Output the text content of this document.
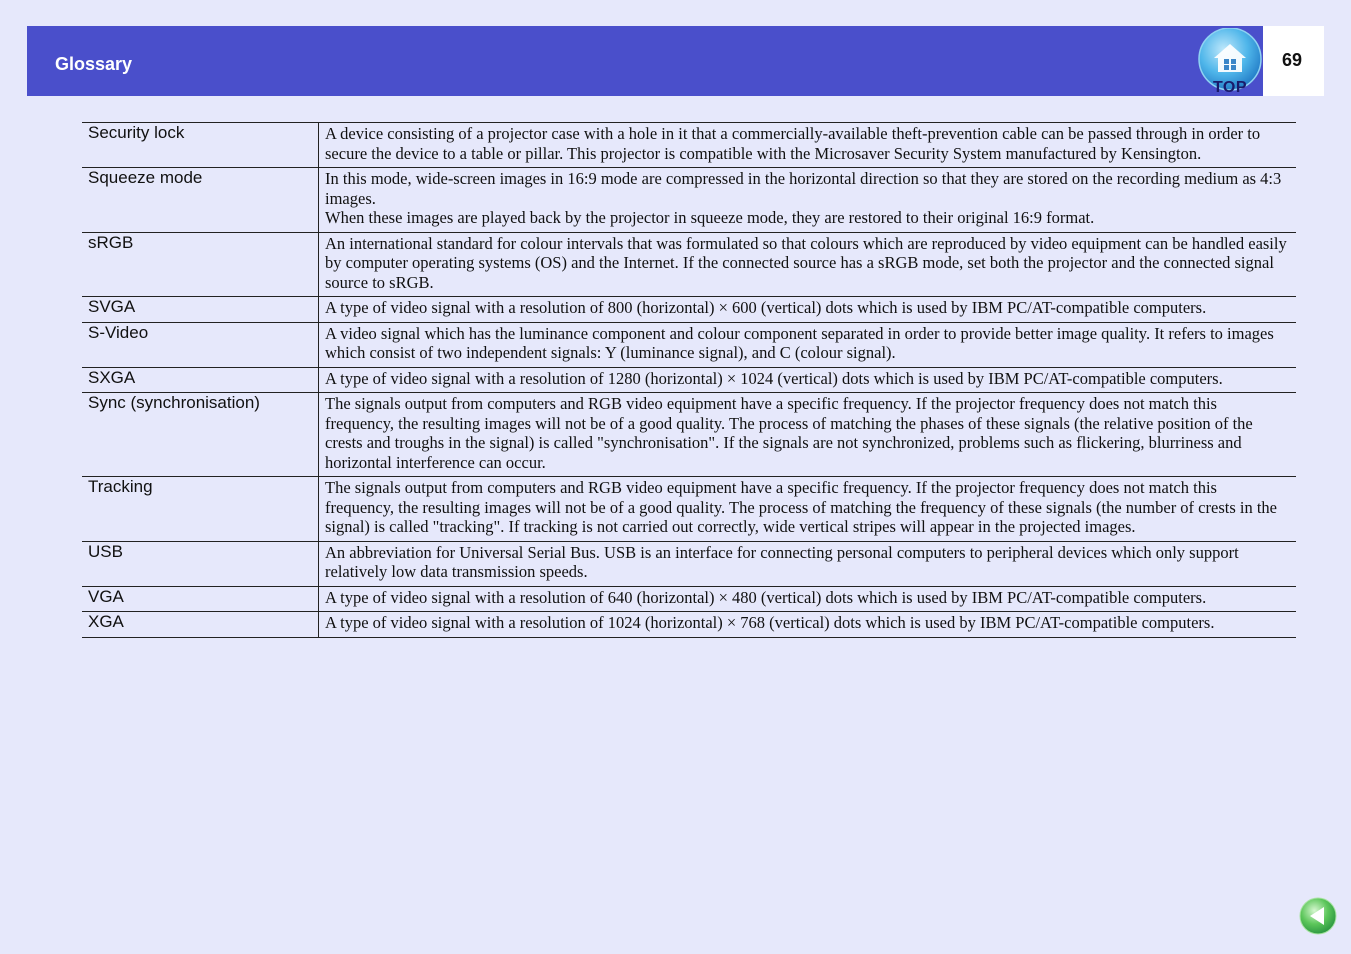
Glossary	69
TOP
Security lock	A device consisting of a projector case with a hole in it that a commercially-available theft-prevention cable can be passed through in order to secure the device to a table or pillar. This projector is compatible with the Microsaver Security System manufactured by Kensington.

Squeeze mode	In this mode, wide-screen images in 16:9 mode are compressed in the horizontal direction so that they are stored on the recording medium as 4:3 images.
When these images are played back by the projector in squeeze mode, they are restored to their original 16:9 format.

sRGB	An international standard for colour intervals that was formulated so that colours which are reproduced by video equipment can be handled easily by computer operating systems (OS) and the Internet. If the connected source has a sRGB mode, set both the projector and the connected signal source to sRGB.

SVGA	A type of video signal with a resolution of 800 (horizontal) × 600 (vertical) dots which is used by IBM PC/AT-compatible computers.

S-Video	A video signal which has the luminance component and colour component separated in order to provide better image quality. It refers to images which consist of two independent signals: Y (luminance signal), and C (colour signal).

SXGA	A type of video signal with a resolution of 1280 (horizontal) × 1024 (vertical) dots which is used by IBM PC/AT-compatible computers.

Sync (synchronisation)	The signals output from computers and RGB video equipment have a specific frequency. If the projector frequency does not match this frequency, the resulting images will not be of a good quality. The process of matching the phases of these signals (the relative position of the crests and troughs in the signal) is called "synchronisation". If the signals are not synchronized, problems such as flickering, blurriness and horizontal interference can occur.

Tracking	The signals output from computers and RGB video equipment have a specific frequency. If the projector frequency does not match this frequency, the resulting images will not be of a good quality. The process of matching the frequency of these signals (the number of crests in the signal) is called "tracking". If tracking is not carried out correctly, wide vertical stripes will appear in the projected images.

USB	An abbreviation for Universal Serial Bus. USB is an interface for connecting personal computers to peripheral devices which only support relatively low data transmission speeds.

VGA	A type of video signal with a resolution of 640 (horizontal) × 480 (vertical) dots which is used by IBM PC/AT-compatible computers.

XGA	A type of video signal with a resolution of 1024 (horizontal) × 768 (vertical) dots which is used by IBM PC/AT-compatible computers.
